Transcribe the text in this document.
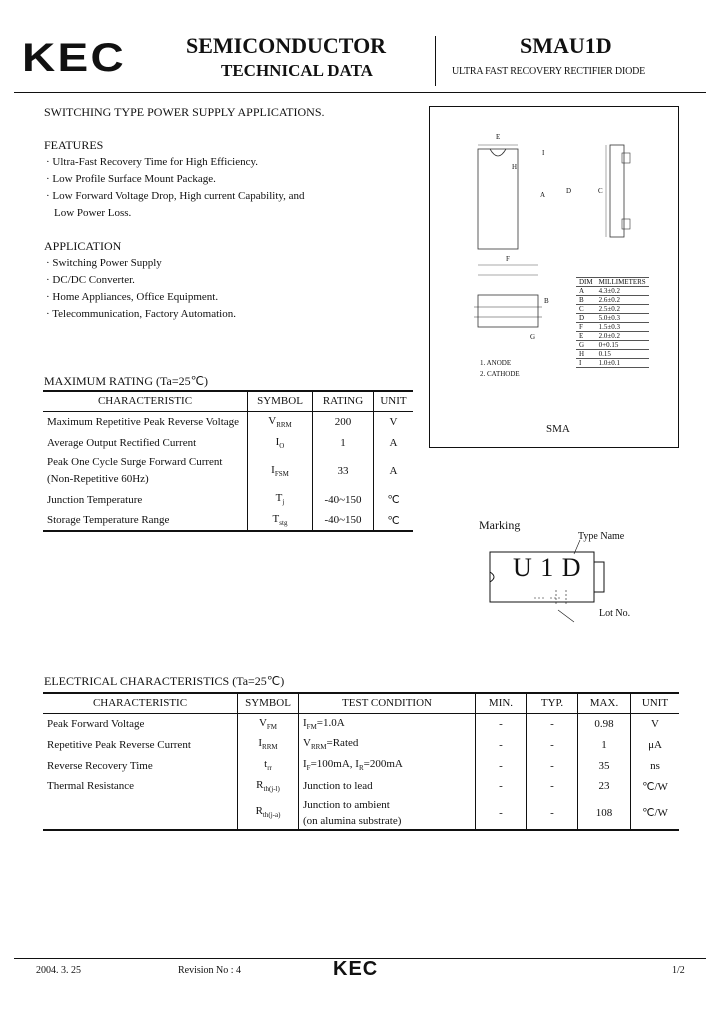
KEC	SEMICONDUCTOR
TECHNICAL DATA
SMAU1D
ULTRA FAST RECOVERY RECTIFIER DIODE
SWITCHING TYPE POWER SUPPLY APPLICATIONS.
FEATURES
· Ultra-Fast Recovery Time for High Efficiency.
· Low Profile Surface Mount Package.
· Low Forward Voltage Drop, High current Capability, and
Low Power Loss.
APPLICATION
· Switching Power Supply
· DC/DC Converter.
· Home Appliances, Office Equipment.
· Telecommunication, Factory Automation.
MAXIMUM RATING (Ta=25℃)
CHARACTERISTIC	SYMBOL	RATING	UNIT
Maximum Repetitive Peak Reverse Voltage	$V_{RRM}$	200	V
Average Output Rectified Current	$I_O$	1	A

Peak One Cycle Surge Forward Current
(Non-Repetitive 60Hz)	$I_{FSM}$	33	A
Junction Temperature	$T_j$	-40~150	℃
Storage Temperature Range	$T_{stg}$	-40~150	℃
E
I
H
A	D	C
F
B
G
1. ANODE
2. CATHODE
DIM	MILLIMETERS
A	4.3±0.2
B	2.6±0.2
C	2.5±0.2
D	5.0±0.3
F	1.5±0.3
E	2.0±0.2
G	0+0.15
H	0.15
I	1.0±0.1
SMA
Marking
Type Name
U 1 D
Lot No.
ELECTRICAL CHARACTERISTICS (Ta=25℃)
CHARACTERISTIC	SYMBOL	TEST CONDITION	MIN.	TYP.	MAX.	UNIT
Peak Forward Voltage	$V_{FM}$	$I_{FM}=1.0A$	-	-	0.98	V
Repetitive Peak Reverse Current	$I_{RRM}$	$V_{RRM}=Rated$	-	-	1	μA
Reverse Recovery Time	$t_{rr}$	$I_F=100mA$, $I_R=200mA$	-	-	35	ns
Thermal Resistance	$R_{th(j-l)}$	Junction to lead	-	-	23	℃/W
	$R_{th(j-a)}$	Junction to ambient
(on alumina substrate)	-	-	108	℃/W
2004. 3. 25	Revision No : 4	KEC	1/2
